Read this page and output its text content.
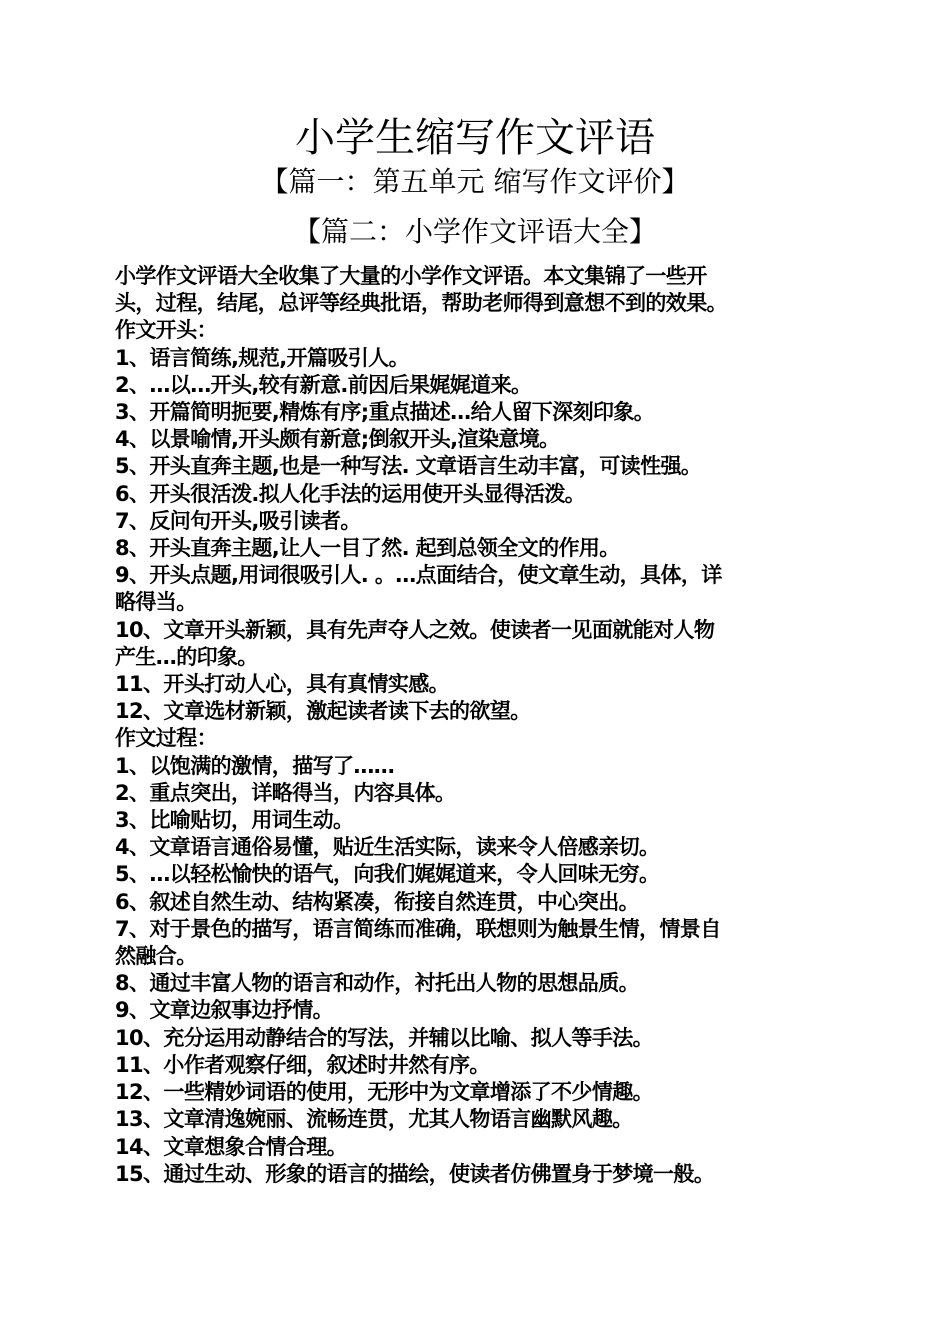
小学生缩写作文评语
【篇一：第五单元 缩写作文评价】
【篇二：小学作文评语大全】
小学作文评语大全收集了大量的小学作文评语。本文集锦了一些开
头，过程，结尾，总评等经典批语，帮助老师得到意想不到的效果。
作文开头：
1、语言简练,规范,开篇吸引人。
2、…以…开头,较有新意.前因后果娓娓道来。
3、开篇简明扼要,精炼有序;重点描述…给人留下深刻印象。
4、以景喻情,开头颇有新意;倒叙开头,渲染意境。
5、开头直奔主题,也是一种写法. 文章语言生动丰富，可读性强。
6、开头很活泼.拟人化手法的运用使开头显得活泼。
7、反问句开头,吸引读者。
8、开头直奔主题,让人一目了然. 起到总领全文的作用。
9、开头点题,用词很吸引人. 。…点面结合，使文章生动，具体，详
略得当。
10、文章开头新颖，具有先声夺人之效。使读者一见面就能对人物
产生…的印象。
11、开头打动人心，具有真情实感。
12、文章选材新颖，激起读者读下去的欲望。
作文过程：
1、以饱满的激情，描写了……
2、重点突出，详略得当，内容具体。
3、比喻贴切，用词生动。
4、文章语言通俗易懂，贴近生活实际，读来令人倍感亲切。
5、…以轻松愉快的语气，向我们娓娓道来，令人回味无穷。
6、叙述自然生动、结构紧凑，衔接自然连贯，中心突出。
7、对于景色的描写，语言简练而准确，联想则为触景生情，情景自
然融合。
8、通过丰富人物的语言和动作，衬托出人物的思想品质。
9、文章边叙事边抒情。
10、充分运用动静结合的写法，并辅以比喻、拟人等手法。
11、小作者观察仔细，叙述时井然有序。
12、一些精妙词语的使用，无形中为文章增添了不少情趣。
13、文章清逸婉丽、流畅连贯，尤其人物语言幽默风趣。
14、文章想象合情合理。
15、通过生动、形象的语言的描绘，使读者仿佛置身于梦境一般。
